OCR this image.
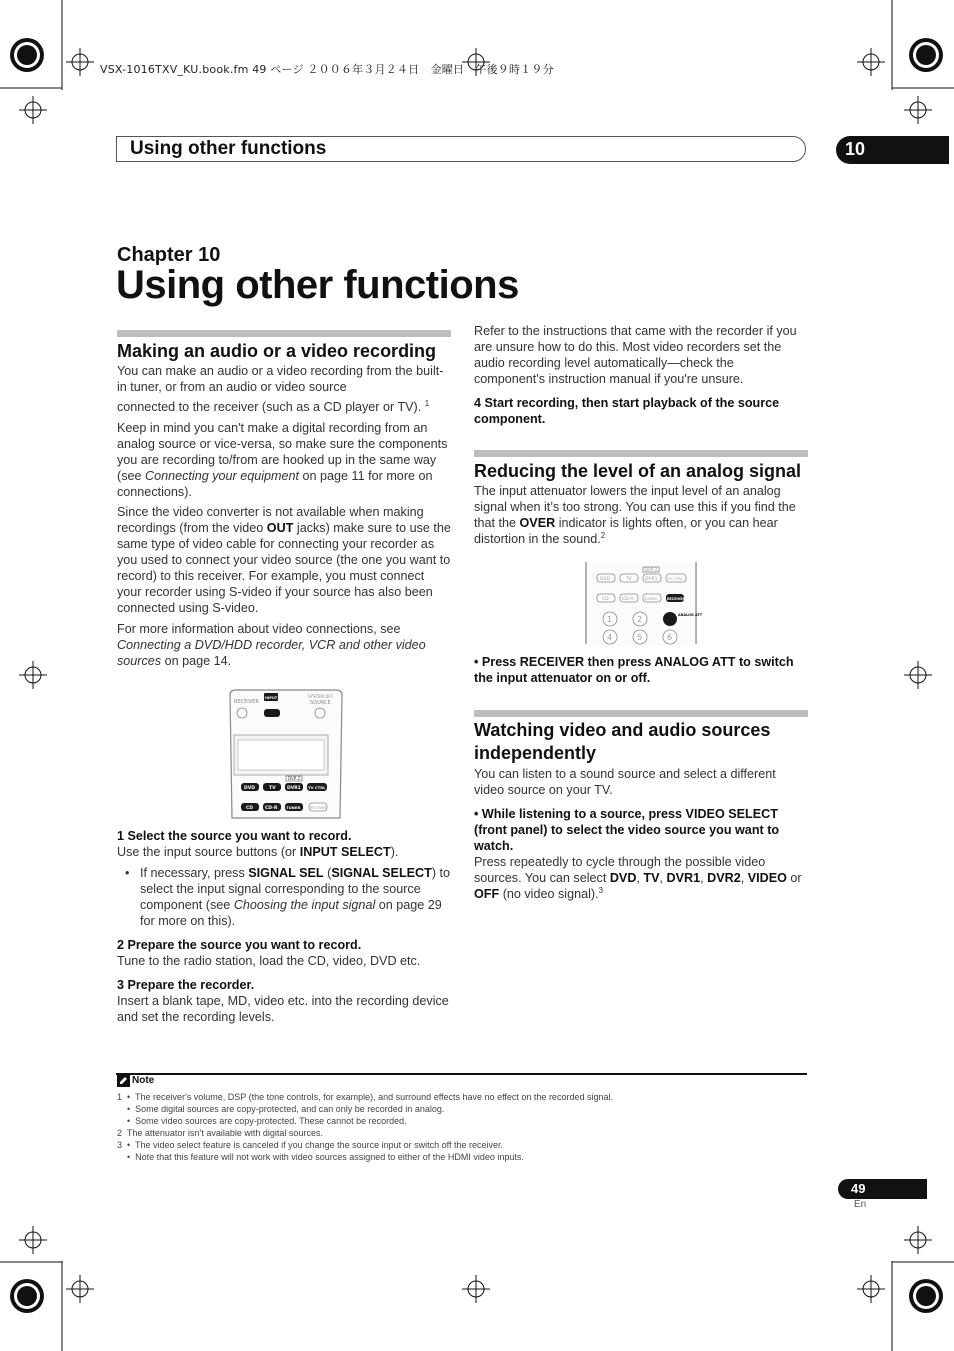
VSX-1016TXV_KU.book.fm 49 ページ ２００６年３月２４日　金曜日　午後９時１９分
Using other functions	10
Chapter 10
Using other functions
Making an audio or a video recording
You can make an audio or a video recording from the built-in tuner, or from an audio or video source
connected to the receiver (such as a CD player or TV). $^1$
Keep in mind you can't make a digital recording from an analog source or vice-versa, so make sure the components you are recording to/from are hooked up in the same way (see Connecting your equipment on page 11 for more on connections).
Since the video converter is not available when making recordings (from the video OUT jacks) make sure to use the same type of video cable for connecting your recorder as you used to connect your video source (the one you want to record) to this receiver. For example, you must connect your recorder using S-video if your source has also been connected using S-video.
For more information about video connections, see Connecting a DVD/HDD recorder, VCR and other video sources on page 14.
RECEIVER
INPUT SELECT	SYSTEM OFF
SOURCE
DVR 2
DVD	TV	DVR1 TV CTRL
CD	CD-R TUNER	RECEIVER
1 Select the source you want to record.
Use the input source buttons (or INPUT SELECT).
• If necessary, press SIGNAL SEL (SIGNAL SELECT) to select the input signal corresponding to the source component (see Choosing the input signal on page 29 for more on this).
2 Prepare the source you want to record.
Tune to the radio station, load the CD, video, DVD etc.
3 Prepare the recorder.
Insert a blank tape, MD, video etc. into the recording device and set the recording levels.
Refer to the instructions that came with the recorder if you are unsure how to do this. Most video recorders set the audio recording level automatically—check the component's instruction manual if you're unsure.
4 Start recording, then start playback of the source component.
Reducing the level of an analog signal
The input attenuator lowers the input level of an analog signal when it’s too strong. You can use this if you find the that the OVER indicator is lights often, or you can hear distortion in the sound.$^2$
DVR 2
DVD	TV	DVR1	TV CTRL
CD	CD-R	TUNER	RECEIVER
1	2	ANALOG ATT
4	5	6
• Press RECEIVER then press ANALOG ATT to switch the input attenuator on or off.
Watching video and audio sources independently
You can listen to a sound source and select a different video source on your TV.
• While listening to a source, press VIDEO SELECT (front panel) to select the video source you want to watch.
Press repeatedly to cycle through the possible video sources. You can select DVD, TV, DVR1, DVR2, VIDEO or OFF (no video signal).$^3$
Note
1  •  The receiver's volume, DSP (the tone controls, for example), and surround effects have no effect on the recorded signal.
•  Some digital sources are copy-protected, and can only be recorded in analog.
•  Some video sources are copy-protected. These cannot be recorded.
2  The attenuator isn’t available with digital sources.
3  •  The video select feature is canceled if you change the source input or switch off the receiver.
•  Note that this feature will not work with video sources assigned to either of the HDMI video inputs.
49
En
